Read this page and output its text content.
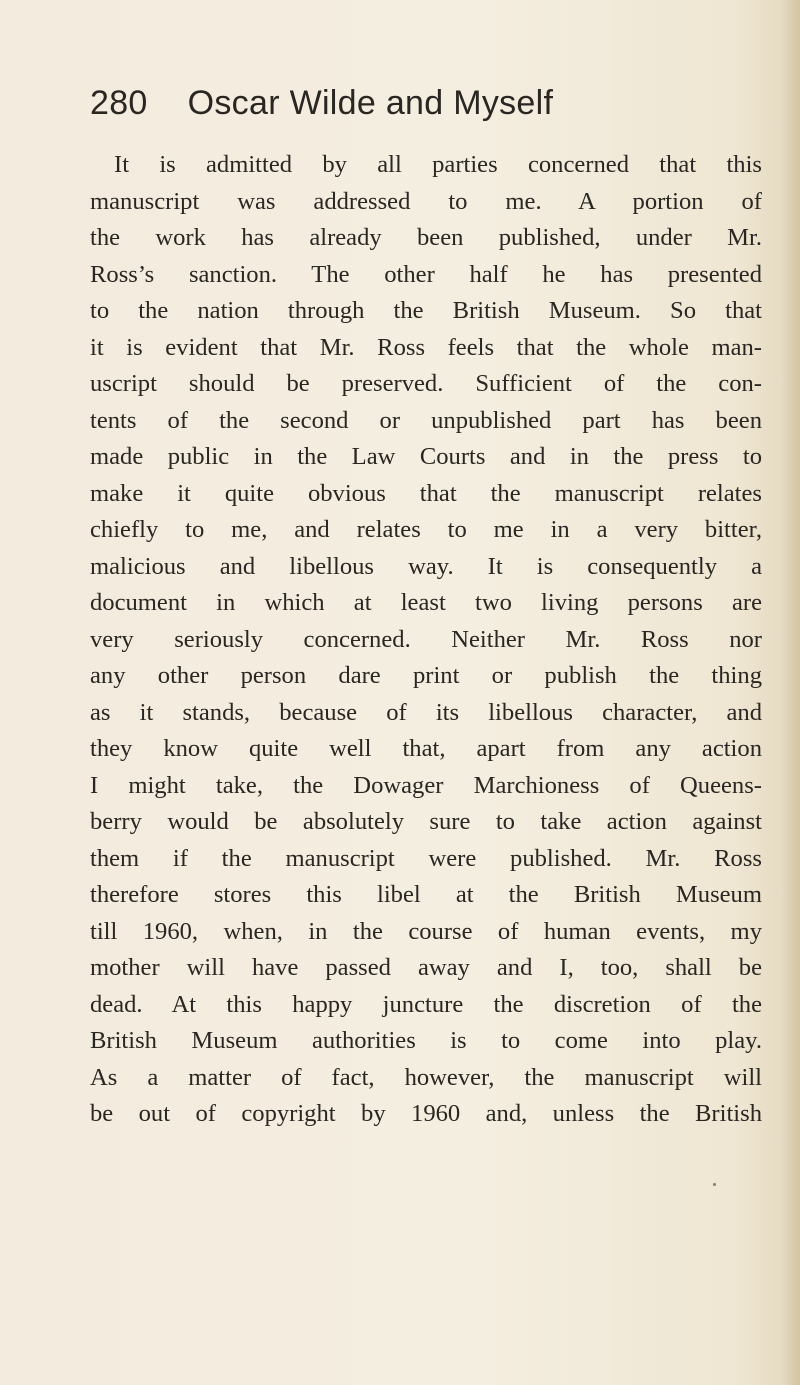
280 Oscar Wilde and Myself
It is admitted by all parties concerned that this
manuscript was addressed to me. A portion of
the work has already been published, under Mr.
Ross’s sanction. The other half he has presented
to the nation through the British Museum. So that
it is evident that Mr. Ross feels that the whole man-
uscript should be preserved. Sufficient of the con-
tents of the second or unpublished part has been
made public in the Law Courts and in the press to
make it quite obvious that the manuscript relates
chiefly to me, and relates to me in a very bitter,
malicious and libellous way. It is consequently a
document in which at least two living persons are
very seriously concerned. Neither Mr. Ross nor
any other person dare print or publish the thing
as it stands, because of its libellous character, and
they know quite well that, apart from any action
I might take, the Dowager Marchioness of Queens-
berry would be absolutely sure to take action against
them if the manuscript were published. Mr. Ross
therefore stores this libel at the British Museum
till 1960, when, in the course of human events, my
mother will have passed away and I, too, shall be
dead. At this happy juncture the discretion of the
British Museum authorities is to come into play.
As a matter of fact, however, the manuscript will
be out of copyright by 1960 and, unless the British
